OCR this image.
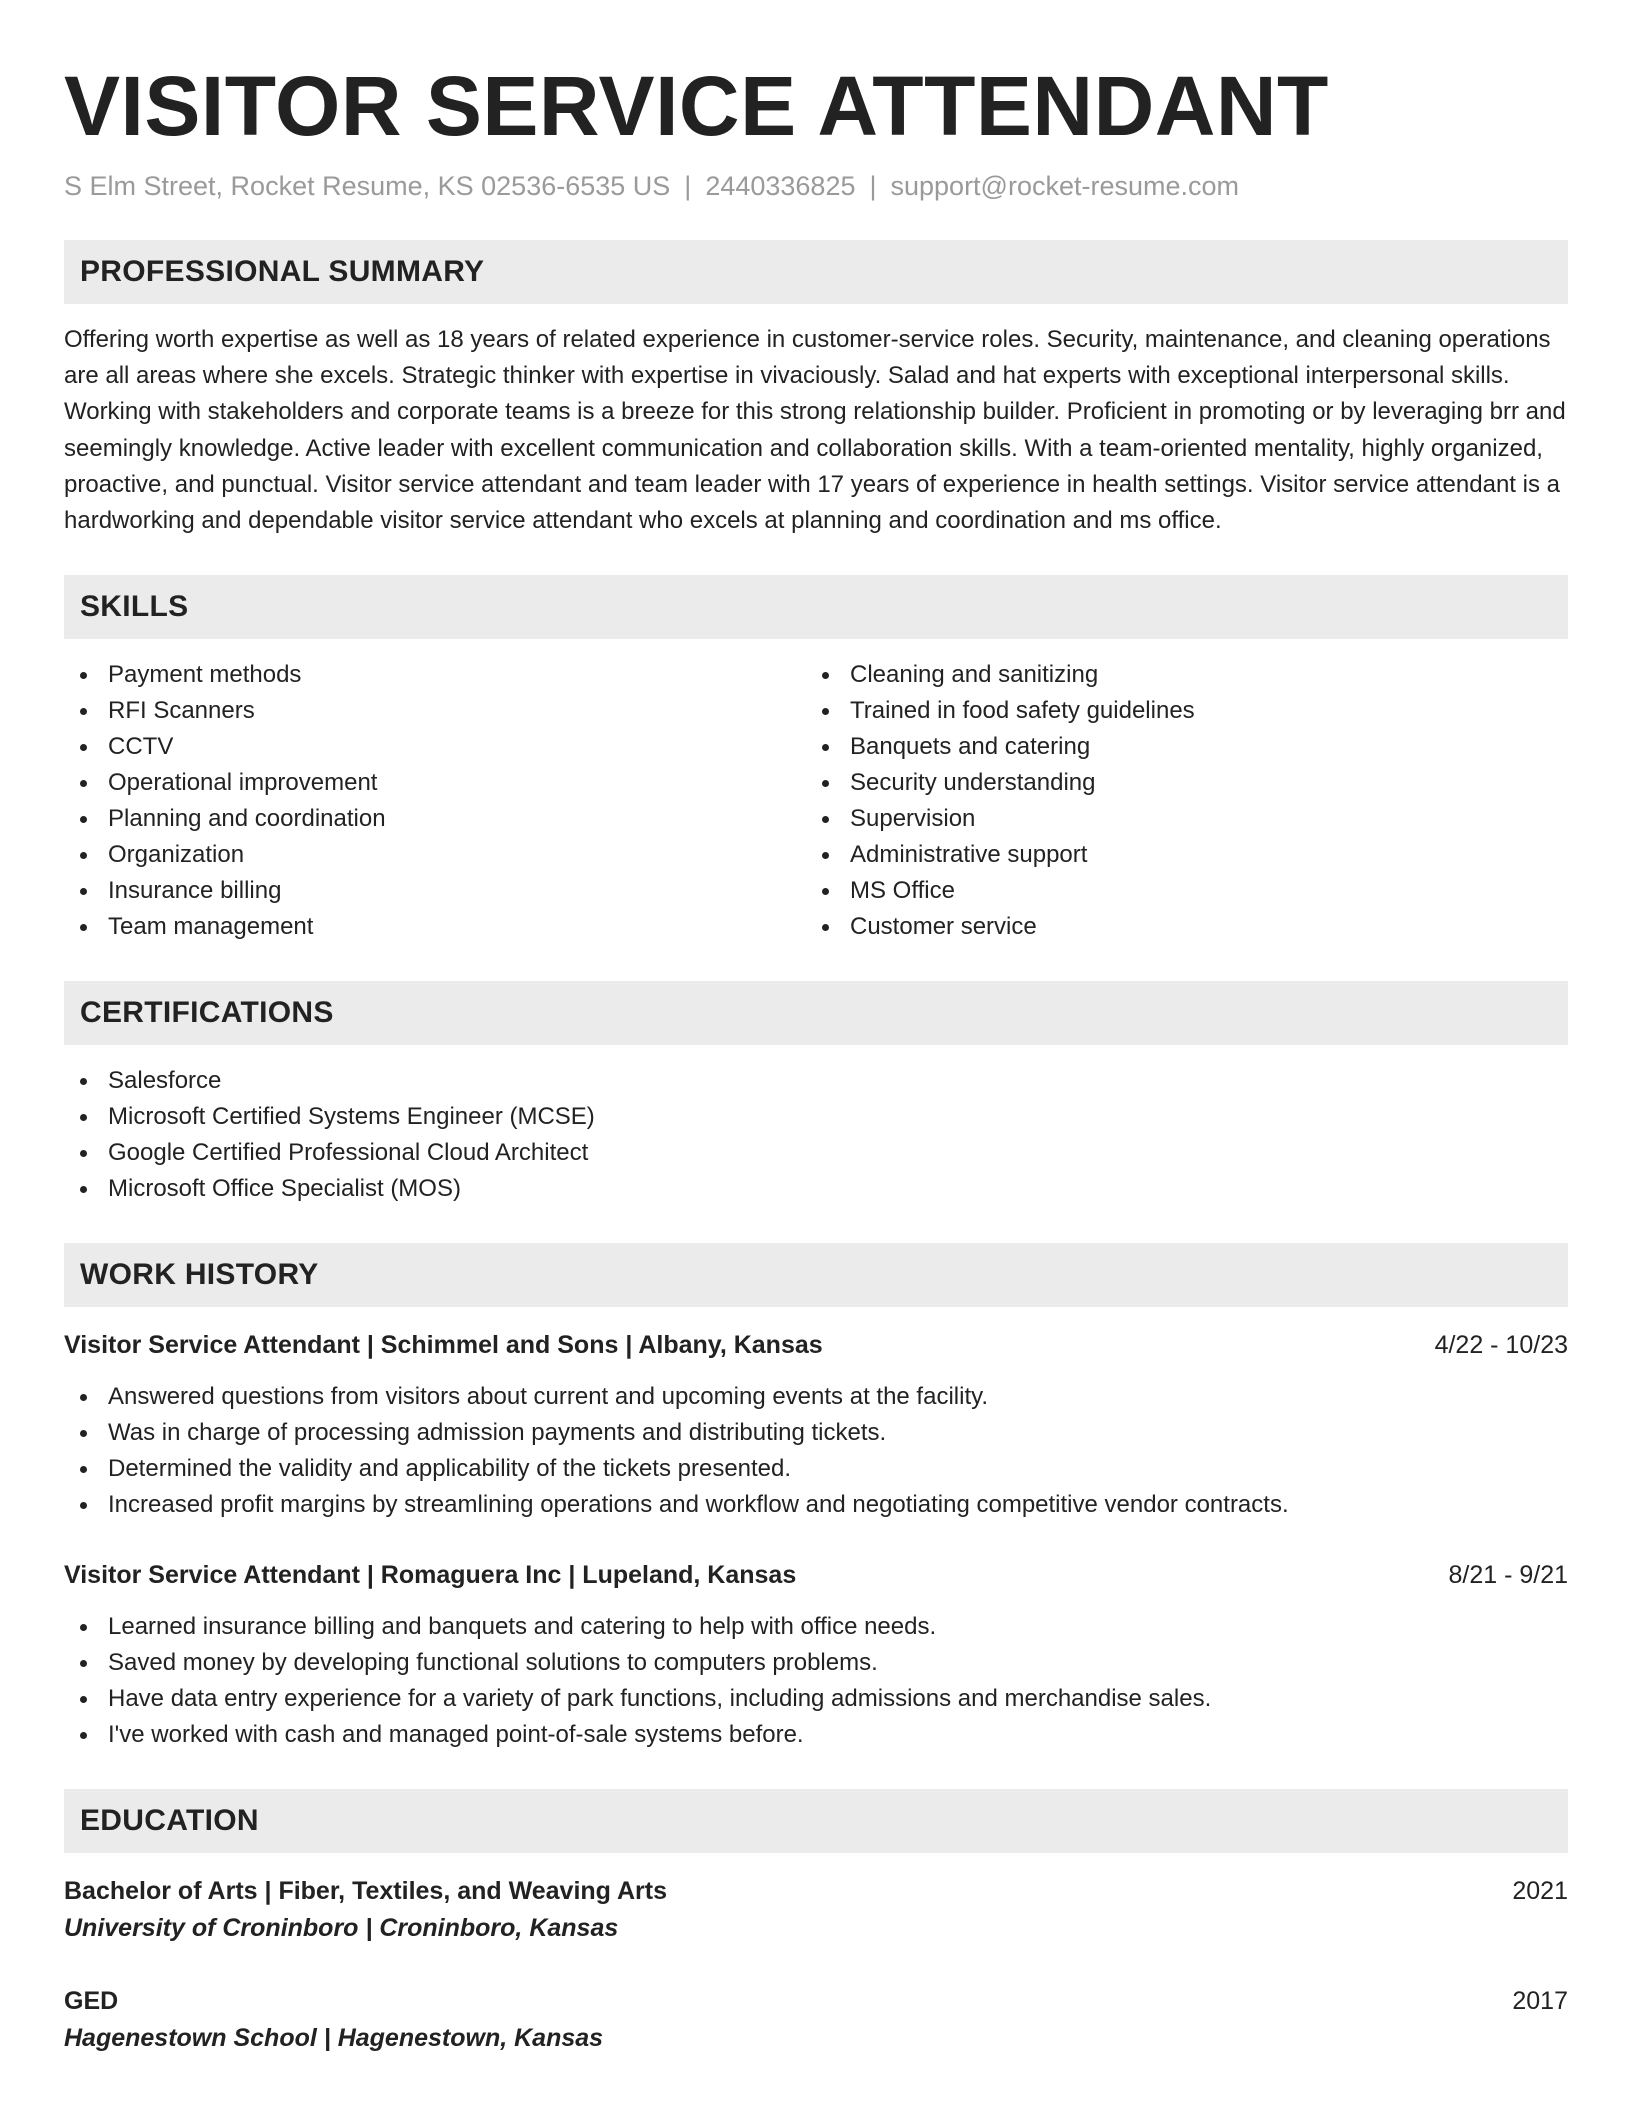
VISITOR SERVICE ATTENDANT
S Elm Street, Rocket Resume, KS 02536-6535 US | 2440336825 | support@rocket-resume.com
PROFESSIONAL SUMMARY

Offering worth expertise as well as 18 years of related experience in customer-service roles. Security, maintenance, and cleaning operations are all areas where she excels. Strategic thinker with expertise in vivaciously. Salad and hat experts with exceptional interpersonal skills. Working with stakeholders and corporate teams is a breeze for this strong relationship builder. Proficient in promoting or by leveraging brr and seemingly knowledge. Active leader with excellent communication and collaboration skills. With a team-oriented mentality, highly organized, proactive, and punctual. Visitor service attendant and team leader with 17 years of experience in health settings. Visitor service attendant is a hardworking and dependable visitor service attendant who excels at planning and coordination and ms office.

SKILLS
Payment methods
RFI Scanners
CCTV
Operational improvement
Planning and coordination
Organization
Insurance billing
Team management
Cleaning and sanitizing
Trained in food safety guidelines
Banquets and catering
Security understanding
Supervision
Administrative support
MS Office
Customer service
CERTIFICATIONS
Salesforce
Microsoft Certified Systems Engineer (MCSE)
Google Certified Professional Cloud Architect
Microsoft Office Specialist (MOS)
WORK HISTORY
Visitor Service Attendant | Schimmel and Sons | Albany, Kansas	4/22 - 10/23
Answered questions from visitors about current and upcoming events at the facility.
Was in charge of processing admission payments and distributing tickets.
Determined the validity and applicability of the tickets presented.
Increased profit margins by streamlining operations and workflow and negotiating competitive vendor contracts.
Visitor Service Attendant | Romaguera Inc | Lupeland, Kansas	8/21 - 9/21
Learned insurance billing and banquets and catering to help with office needs.
Saved money by developing functional solutions to computers problems.
Have data entry experience for a variety of park functions, including admissions and merchandise sales.
I've worked with cash and managed point-of-sale systems before.
EDUCATION
Bachelor of Arts | Fiber, Textiles, and Weaving Arts	2021
University of Croninboro | Croninboro, Kansas
GED	2017
Hagenestown School | Hagenestown, Kansas
